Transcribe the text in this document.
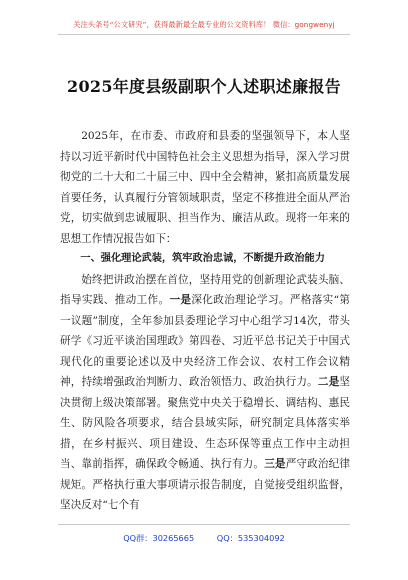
关注头条号“公文研究”，获得最新最全最专业的公文资料库！ 微信：gongwenyj
2025年度县级副职个人述职述廉报告

2025年，在市委、市政府和县委的坚强领导下，本人坚持以习近平新时代中国特色社会主义思想为指导，深入学习贯彻党的二十大和二十届三中、四中全会精神，紧扣高质量发展首要任务，认真履行分管领域职责，坚定不移推进全面从严治党，切实做到忠诚履职、担当作为、廉洁从政。现将一年来的思想工作情况报告如下：

一、强化理论武装，筑牢政治忠诚，不断提升政治能力

始终把讲政治摆在首位，坚持用党的创新理论武装头脑、指导实践、推动工作。一是深化政治理论学习。严格落实“第一议题”制度，全年参加县委理论学习中心组学习14次，带头研学《习近平谈治国理政》第四卷、习近平总书记关于中国式现代化的重要论述以及中央经济工作会议、农村工作会议精神，持续增强政治判断力、政治领悟力、政治执行力。二是坚决贯彻上级决策部署。聚焦党中央关于稳增长、调结构、惠民生、防风险各项要求，结合县域实际，研究制定具体落实举措，在乡村振兴、项目建设、生态环保等重点工作中主动担当、靠前指挥，确保政令畅通、执行有力。三是严守政治纪律规矩。严格执行重大事项请示报告制度，自觉接受组织监督，坚决反对“七个有

QQ群：30265665	QQ：535304092
